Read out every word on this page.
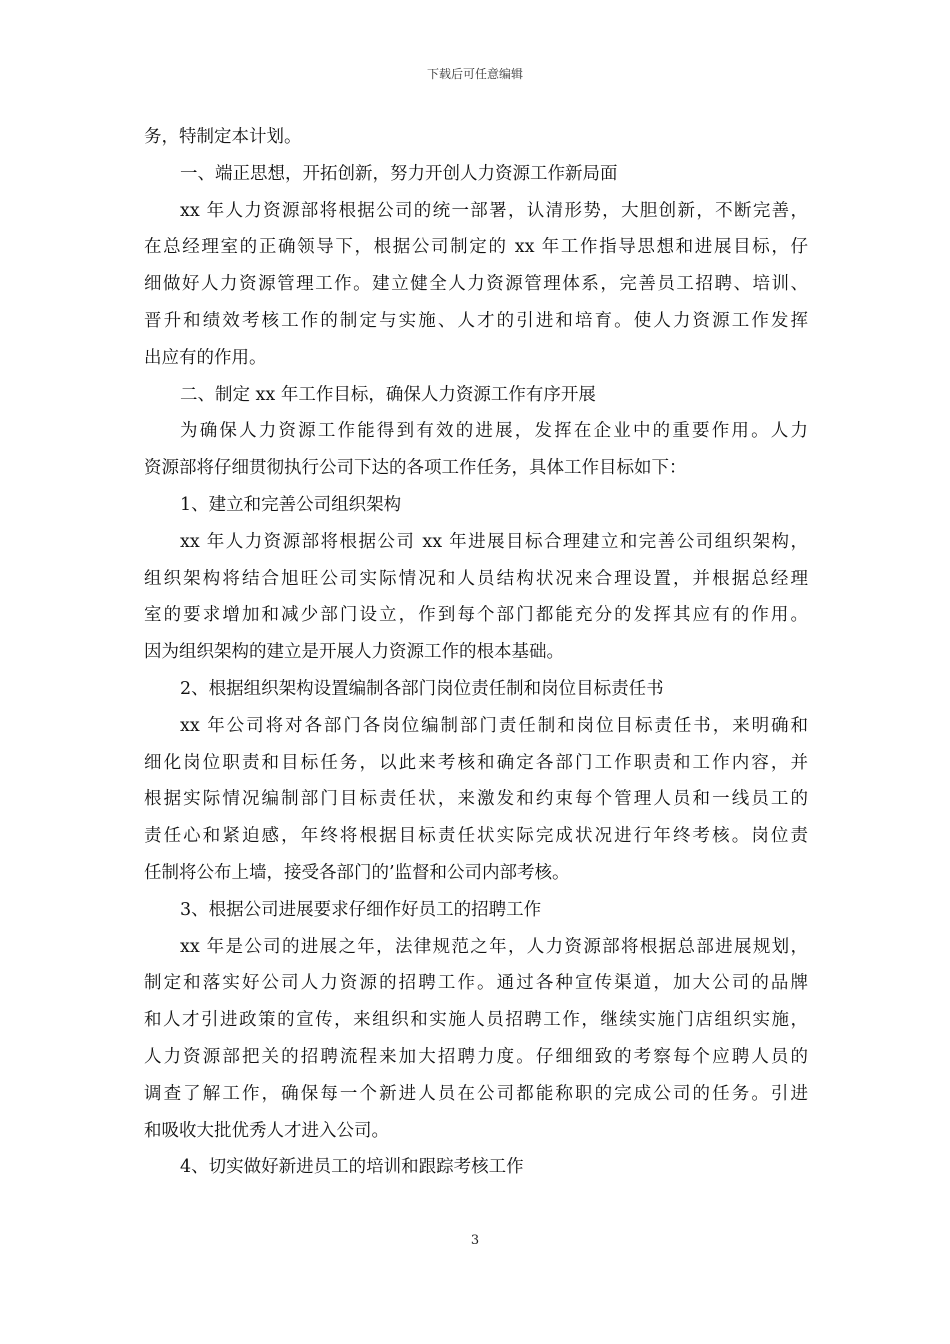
下载后可任意编辑
务，特制定本计划。
一、端正思想，开拓创新，努力开创人力资源工作新局面
xx 年人力资源部将根据公司的统一部署，认清形势，大胆创新，不断完善，
在总经理室的正确领导下，根据公司制定的 xx 年工作指导思想和进展目标，仔
细做好人力资源管理工作。建立健全人力资源管理体系，完善员工招聘、培训、
晋升和绩效考核工作的制定与实施、人才的引进和培育。使人力资源工作发挥
出应有的作用。
二、制定 xx 年工作目标，确保人力资源工作有序开展
为确保人力资源工作能得到有效的进展，发挥在企业中的重要作用。人力
资源部将仔细贯彻执行公司下达的各项工作任务，具体工作目标如下：
1、建立和完善公司组织架构
xx 年人力资源部将根据公司 xx 年进展目标合理建立和完善公司组织架构，
组织架构将结合旭旺公司实际情况和人员结构状况来合理设置，并根据总经理
室的要求增加和减少部门设立，作到每个部门都能充分的发挥其应有的作用。
因为组织架构的建立是开展人力资源工作的根本基础。
2、根据组织架构设置编制各部门岗位责任制和岗位目标责任书
xx 年公司将对各部门各岗位编制部门责任制和岗位目标责任书，来明确和
细化岗位职责和目标任务，以此来考核和确定各部门工作职责和工作内容，并
根据实际情况编制部门目标责任状，来激发和约束每个管理人员和一线员工的
责任心和紧迫感，年终将根据目标责任状实际完成状况进行年终考核。岗位责
任制将公布上墙，接受各部门的’监督和公司内部考核。
3、根据公司进展要求仔细作好员工的招聘工作
xx 年是公司的进展之年，法律规范之年，人力资源部将根据总部进展规划，
制定和落实好公司人力资源的招聘工作。通过各种宣传渠道，加大公司的品牌
和人才引进政策的宣传，来组织和实施人员招聘工作，继续实施门店组织实施，
人力资源部把关的招聘流程来加大招聘力度。仔细细致的考察每个应聘人员的
调查了解工作，确保每一个新进人员在公司都能称职的完成公司的任务。引进
和吸收大批优秀人才进入公司。
4、切实做好新进员工的培训和跟踪考核工作
3
